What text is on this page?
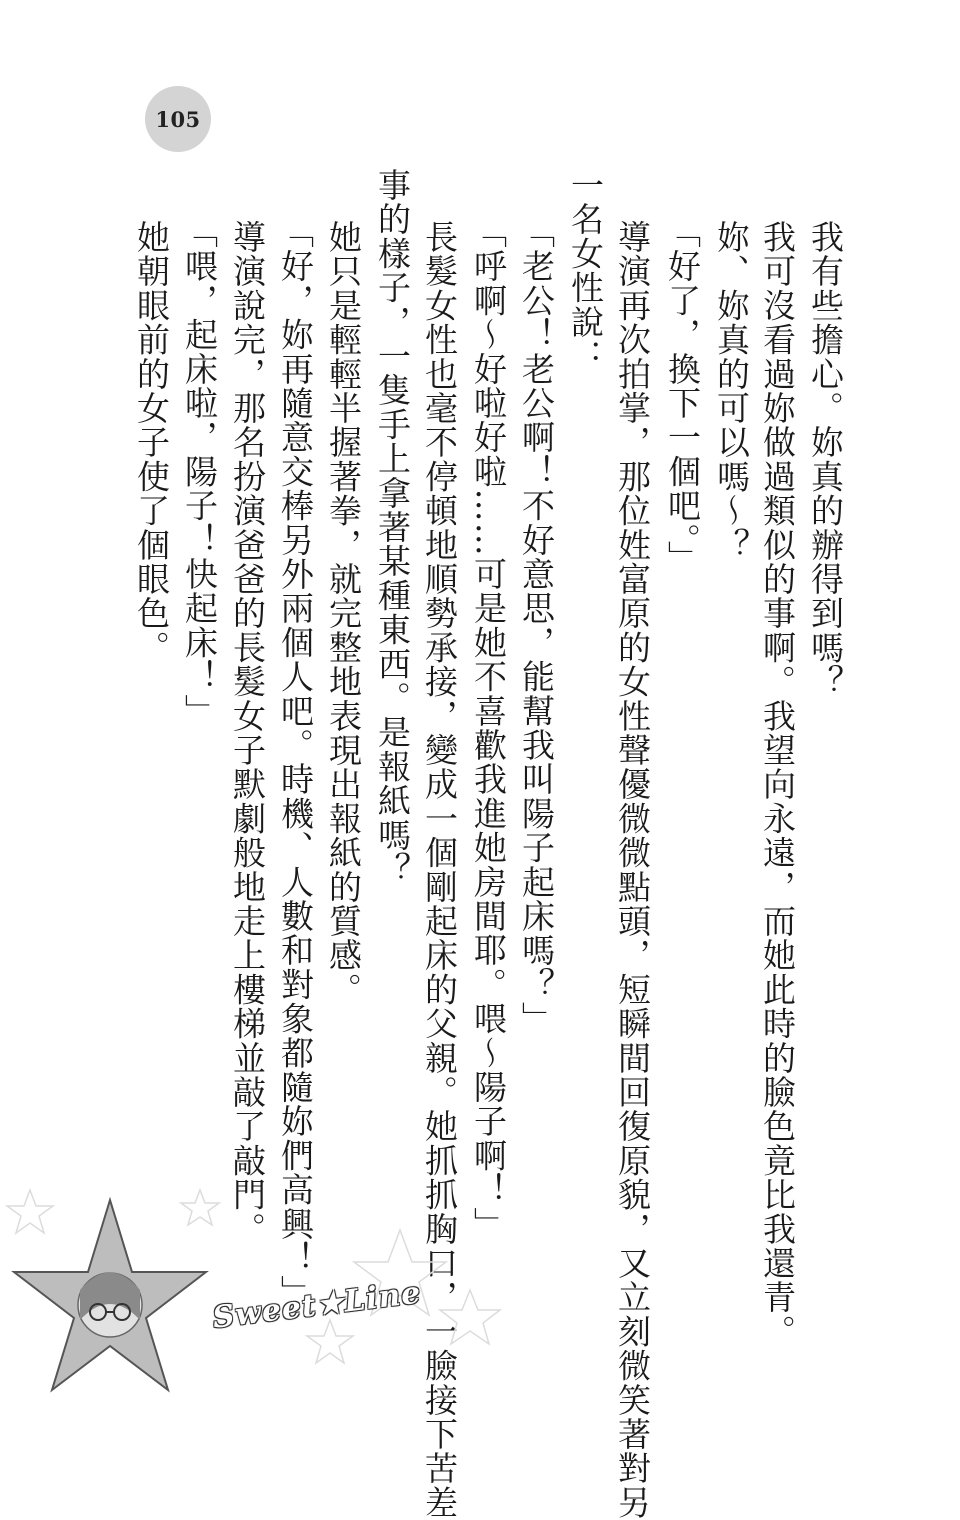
105
我有些擔心。妳真的辦得到嗎？
我可沒看過妳做過類似的事啊。我望向永遠，而她此時的臉色竟比我還青。
妳、妳真的可以嗎～？
「好了，換下一個吧。」
導演再次拍掌，那位姓富原的女性聲優微微點頭，短瞬間回復原貌，又立刻微笑著對另
一名女性說：
「老公！老公啊！不好意思，能幫我叫陽子起床嗎？」
「呼啊～好啦好啦……可是她不喜歡我進她房間耶。喂～陽子啊！」
長髮女性也毫不停頓地順勢承接，變成一個剛起床的父親。她抓抓胸口，一臉接下苦差
事的樣子，一隻手上拿著某種東西。是報紙嗎？
她只是輕輕半握著拳，就完整地表現出報紙的質感。
「好，妳再隨意交棒另外兩個人吧。時機、人數和對象都隨妳們高興！」
導演說完，那名扮演爸爸的長髮女子默劇般地走上樓梯並敲了敲門。
「喂，起床啦，陽子！快起床！」
她朝眼前的女子使了個眼色。
Sweet★Line
